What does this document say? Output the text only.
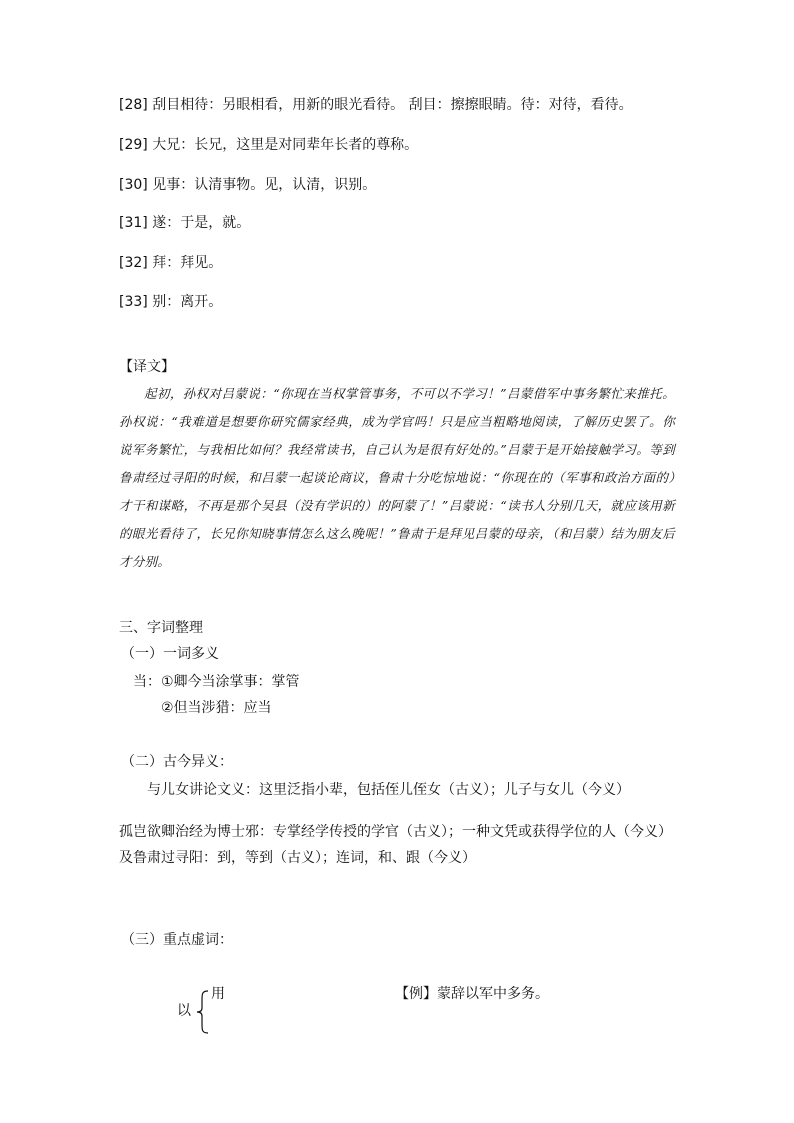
[28] 刮目相待：另眼相看，用新的眼光看待。 刮目：擦擦眼睛。待：对待，看待。
[29] 大兄：长兄，这里是对同辈年长者的尊称。
[30] 见事：认清事物。见，认清，识别。
[31] 遂：于是，就。
[32] 拜：拜见。
[33] 别：离开。
【译文】

起初，孙权对吕蒙说：“你现在当权掌管事务，不可以不学习！”吕蒙借军中事务繁忙来推托。孙权说：“我难道是想要你研究儒家经典，成为学官吗！只是应当粗略地阅读，了解历史罢了。你说军务繁忙，与我相比如何？我经常读书，自己认为是很有好处的。”吕蒙于是开始接触学习。等到鲁肃经过寻阳的时候，和吕蒙一起谈论商议，鲁肃十分吃惊地说：“你现在的（军事和政治方面的）才干和谋略，不再是那个吴县（没有学识的）的阿蒙了！”吕蒙说：“读书人分别几天，就应该用新的眼光看待了，长兄你知晓事情怎么这么晚呢！”鲁肃于是拜见吕蒙的母亲，（和吕蒙）结为朋友后才分别。

三、字词整理
（一）一词多义
当：①卿今当涂掌事：掌管
②但当涉猎：应当
（二）古今异义：
与儿女讲论文义：这里泛指小辈，包括侄儿侄女（古义）；儿子与女儿（今义）
孤岂欲卿治经为博士邪：专掌经学传授的学官（古义）；一种文凭或获得学位的人（今义）
及鲁肃过寻阳：到，等到（古义）；连词，和、跟（今义）
（三）重点虚词：
以
用	【例】蒙辞以军中多务。
